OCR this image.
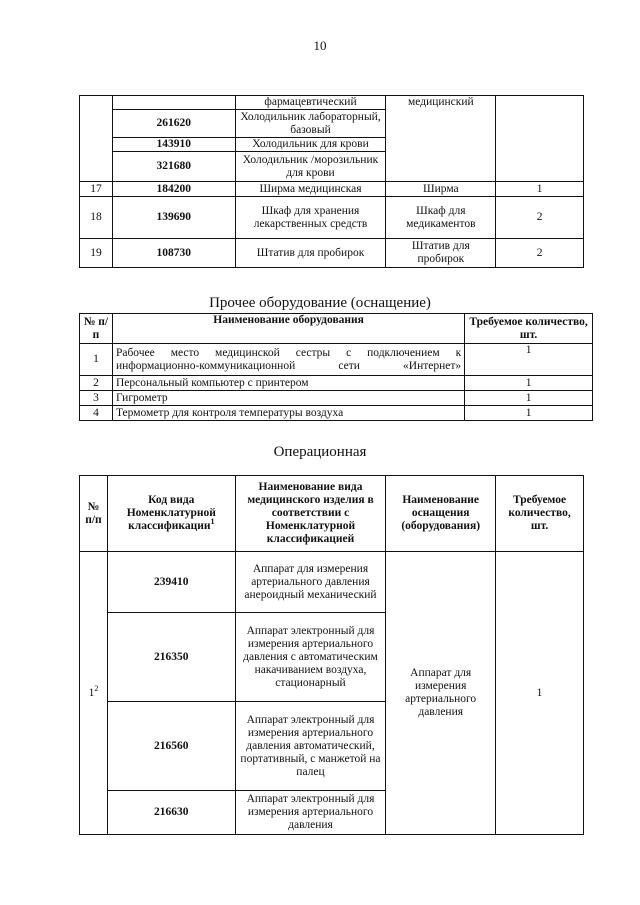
10
		фармацевтический	медицинский	
	261620	Холодильник лабораторный, базовый		
	143910	Холодильник для крови		
	321680	Холодильник /морозильник для крови		
17	184200	Ширма медицинская	Ширма	1
18	139690	Шкаф для хранения лекарственных средств	Шкаф для медикаментов	2
19	108730	Штатив для пробирок	Штатив для пробирок	2
Прочее оборудование (оснащение)
№ п/п	Наименование оборудования	Требуемое количество, шт.
1	Рабочее место медицинской сестры с подключением к информационно-коммуникационной сети «Интернет»	1
2	Персональный компьютер с принтером	1
3	Гигрометр	1
4	Термометр для контроля температуры воздуха	1
Операционная
№ п/п	Код вида Номенклатурной классификации$^1$	Наименование вида медицинского изделия в соответствии с Номенклатурной классификацией	Наименование оснащения (оборудования)	Требуемое количество, шт.
$1^2$	239410	Аппарат для измерения артериального давления анероидный механический	Аппарат для измерения артериального давления	1
	216350	Аппарат электронный для измерения артериального давления с автоматическим накачиванием воздуха, стационарный		
	216560	Аппарат электронный для измерения артериального давления автоматический, портативный, с манжетой на палец		
	216630	Аппарат электронный для измерения артериального давления		
